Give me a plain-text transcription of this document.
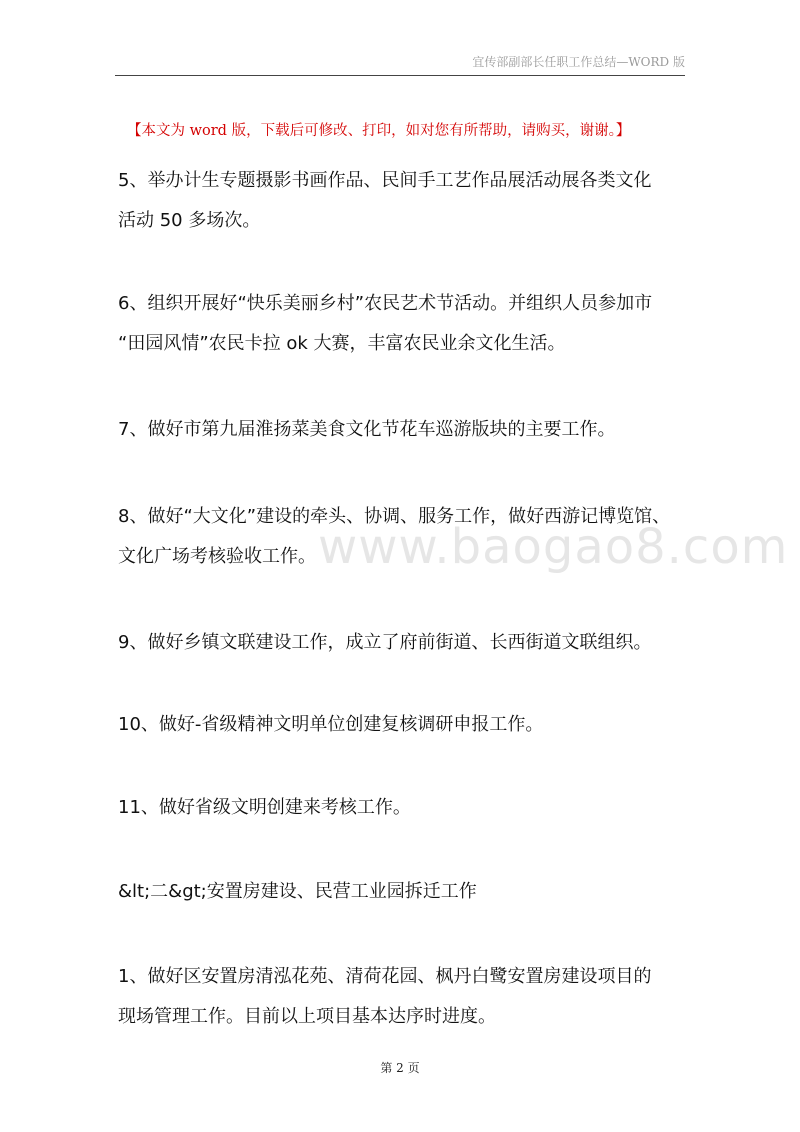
宜传部副部长任职工作总结—WORD 版
【本文为 word 版，下载后可修改、打印，如对您有所帮助，请购买，谢谢。】

5、举办计生专题摄影书画作品、民间手工艺作品展活动展各类文化
活动 50 多场次。

6、组织开展好“快乐美丽乡村”农民艺术节活动。并组织人员参加市
“田园风情”农民卡拉 ok 大赛，丰富农民业余文化生活。

7、做好市第九届淮扬菜美食文化节花车巡游版块的主要工作。

8、做好“大文化”建设的牵头、协调、服务工作，做好西游记博览馆、
文化广场考核验收工作。

9、做好乡镇文联建设工作，成立了府前街道、长西街道文联组织。

10、做好-省级精神文明单位创建复核调研申报工作。

11、做好省级文明创建来考核工作。

&lt;二&gt;安置房建设、民营工业园拆迁工作

1、做好区安置房清泓花苑、清荷花园、枫丹白鹭安置房建设项目的
现场管理工作。目前以上项目基本达序时进度。

www.baogao8.com
第 2 页
